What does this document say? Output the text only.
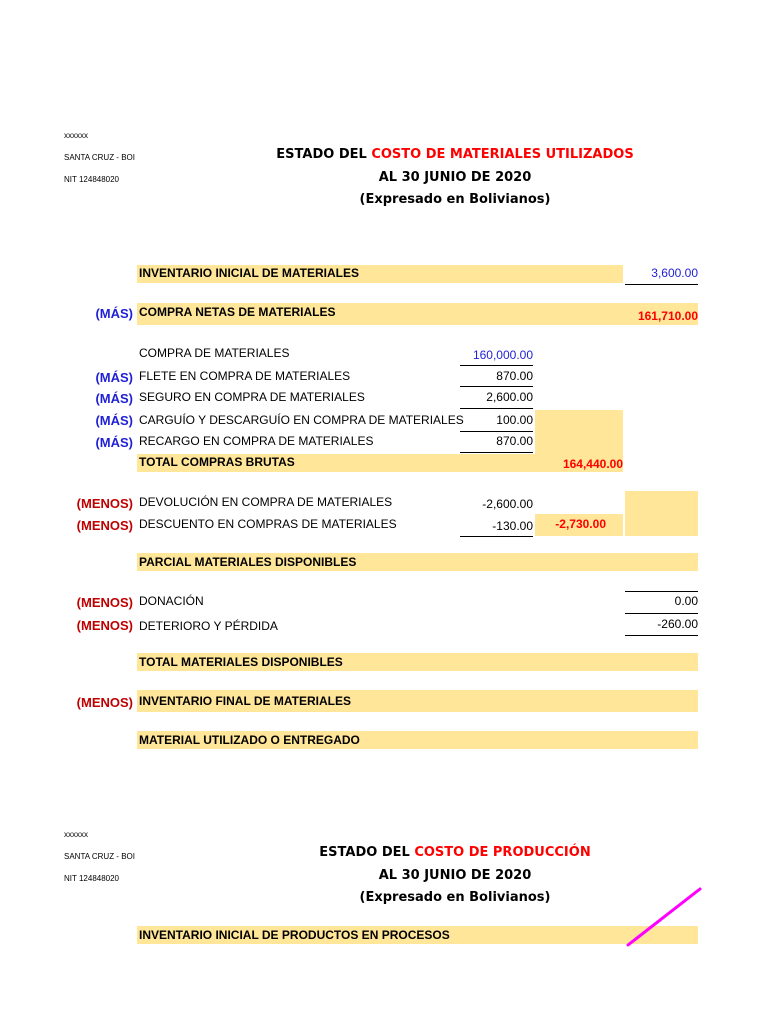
xxxxxx
SANTA CRUZ - BOI
NIT 124848020
ESTADO DEL COSTO DE MATERIALES UTILIZADOS
AL 30 JUNIO DE 2020
(Expresado en Bolivianos)
INVENTARIO INICIAL DE MATERIALES	3,600.00
(MÁS) COMPRA NETAS DE MATERIALES	161,710.00
COMPRA DE MATERIALES	160,000.00
(MÁS) FLETE EN COMPRA DE MATERIALES	870.00
(MÁS) SEGURO EN COMPRA DE MATERIALES	2,600.00
(MÁS) CARGUÍO Y DESCARGUÍO EN COMPRA DE MATERIALES	100.00
(MÁS) RECARGO EN COMPRA DE MATERIALES	870.00
TOTAL COMPRAS BRUTAS	164,440.00
(MENOS) DEVOLUCIÓN EN COMPRA DE MATERIALES	-2,600.00
(MENOS) DESCUENTO EN COMPRAS DE MATERIALES	-130.00	-2,730.00
PARCIAL MATERIALES DISPONIBLES
(MENOS) DONACIÓN	0.00
(MENOS) DETERIORO Y PÉRDIDA	-260.00
TOTAL MATERIALES DISPONIBLES
(MENOS) INVENTARIO FINAL DE MATERIALES
MATERIAL UTILIZADO O ENTREGADO
xxxxxx
SANTA CRUZ - BOI
NIT 124848020
ESTADO DEL COSTO DE PRODUCCIÓN
AL 30 JUNIO DE 2020
(Expresado en Bolivianos)
INVENTARIO INICIAL DE PRODUCTOS EN PROCESOS
